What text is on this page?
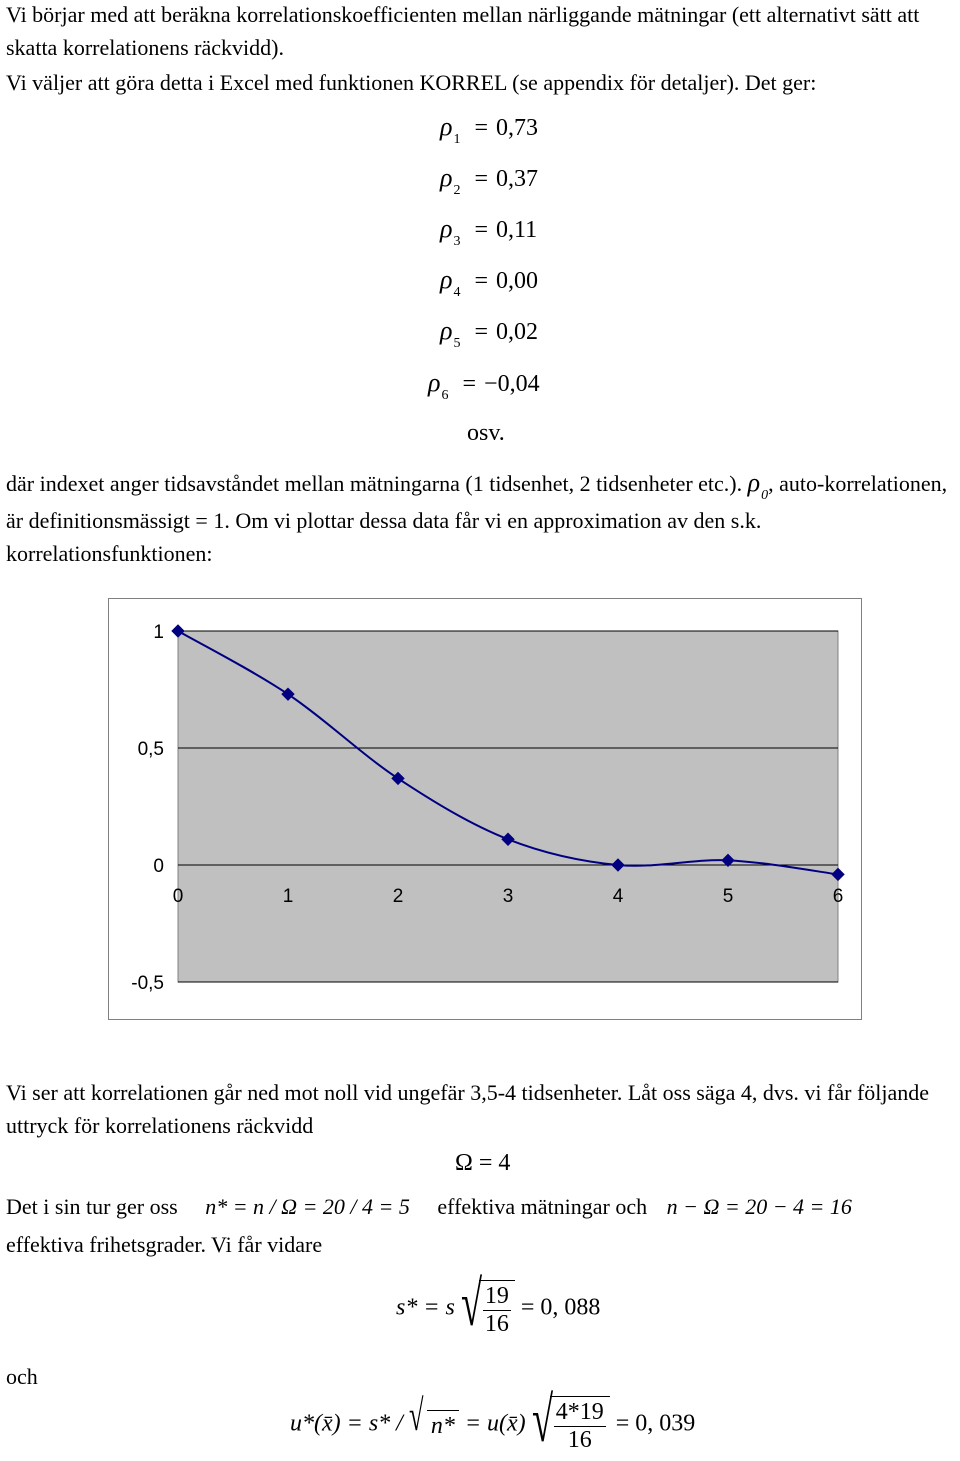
Vi börjar med att beräkna korrelationskoefficienten mellan närliggande mätningar (ett alternativt sätt att skatta korrelationens räckvidd).

Vi väljer att göra detta i Excel med funktionen KORREL (se appendix för detaljer). Det ger:

$\rho_1 = 0,73$
$\rho_2 = 0,37$
$\rho_3 = 0,11$
$\rho_4 = 0,00$
$\rho_5 = 0,02$
$\rho_6 = -0,04$
osv.

där indexet anger tidsavståndet mellan mätningarna (1 tidsenhet, 2 tidsenheter etc.). $\rho_0$, auto-korrelationen, är definitionsmässigt = 1. Om vi plottar dessa data får vi en approximation av den s.k. korrelationsfunktionen:

1
0,5
0
-0,5
0	1	2	3	4	5	6

Vi ser att korrelationen går ned mot noll vid ungefär 3,5-4 tidsenheter. Låt oss säga 4, dvs. vi får följande uttryck för korrelationens räckvidd

Ω = 4
Det i sin tur ger oss n* = n / Ω = 20 / 4 = 5 effektiva mätningar och n − Ω = 20 − 4 = 16

effektiva frihetsgrader. Vi får vidare

s* = s √ $\frac{19}{16} = 0$, 088

och

u*(x̄) = s* / √ n* = u(x̄) √ $\frac{4*19}{16} = 0$, 039
